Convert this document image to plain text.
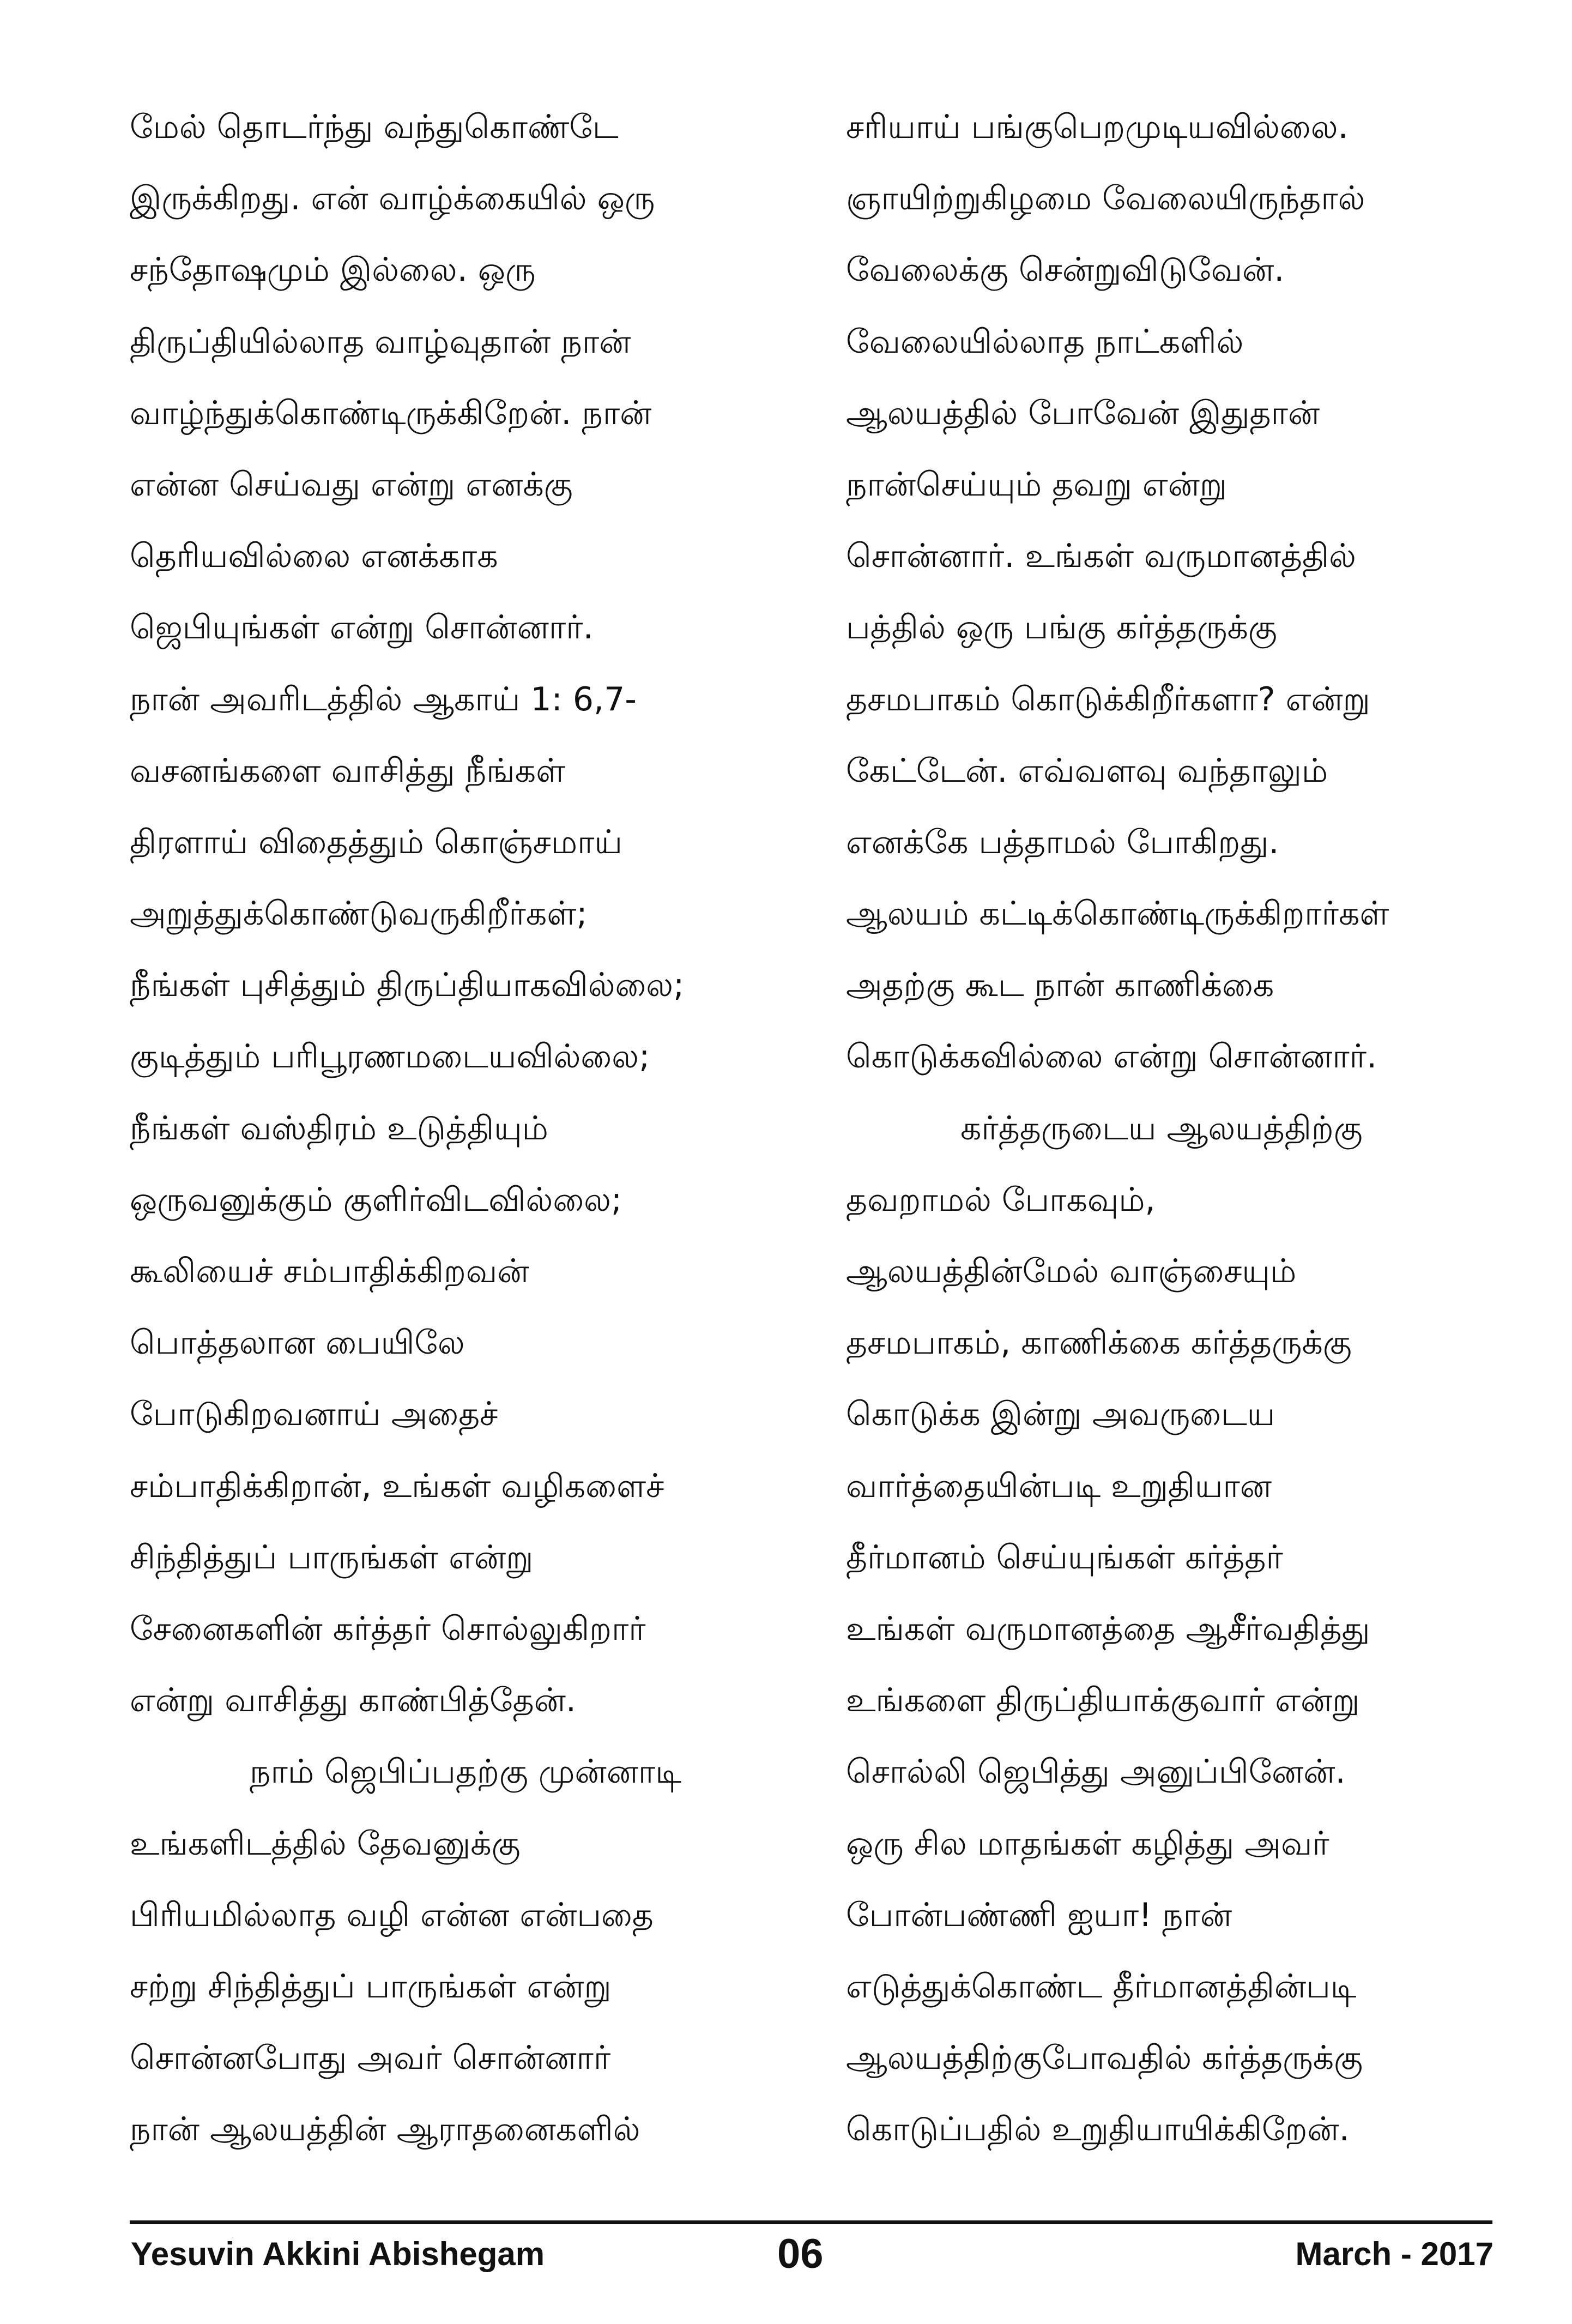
மேல் தொடர்ந்து வந்துகொண்டே
இருக்கிறது. என் வாழ்க்கையில் ஒரு
சந்தோஷமும் இல்லை. ஒரு
திருப்தியில்லாத வாழ்வுதான் நான்
வாழ்ந்துக்கொண்டிருக்கிறேன். நான்
என்ன செய்வது என்று எனக்கு
தெரியவில்லை எனக்காக
ஜெபியுங்கள் என்று சொன்னார்.
நான் அவரிடத்தில் ஆகாய் 1: 6,7-
வசனங்களை வாசித்து நீங்கள்
திரளாய் விதைத்தும் கொஞ்சமாய்
அறுத்துக்கொண்டுவருகிறீர்கள்;
நீங்கள் புசித்தும் திருப்தியாகவில்லை;
குடித்தும் பரிபூரணமடையவில்லை;
நீங்கள் வஸ்திரம் உடுத்தியும்
ஒருவனுக்கும் குளிர்விடவில்லை;
கூலியைச் சம்பாதிக்கிறவன்
பொத்தலான பையிலே
போடுகிறவனாய் அதைச்
சம்பாதிக்கிறான், உங்கள் வழிகளைச்
சிந்தித்துப் பாருங்கள் என்று
சேனைகளின் கர்த்தர் சொல்லுகிறார்
என்று வாசித்து காண்பித்தேன்.
நாம் ஜெபிப்பதற்கு முன்னாடி
உங்களிடத்தில் தேவனுக்கு
பிரியமில்லாத வழி என்ன என்பதை
சற்று சிந்தித்துப் பாருங்கள் என்று
சொன்னபோது அவர் சொன்னார்
நான் ஆலயத்தின் ஆராதனைகளில்
சரியாய் பங்குபெறமுடியவில்லை.
ஞாயிற்றுகிழமை வேலையிருந்தால்
வேலைக்கு சென்றுவிடுவேன்.
வேலையில்லாத நாட்களில்
ஆலயத்தில் போவேன் இதுதான்
நான்செய்யும் தவறு என்று
சொன்னார். உங்கள் வருமானத்தில்
பத்தில் ஒரு பங்கு கர்த்தருக்கு
தசமபாகம் கொடுக்கிறீர்களா? என்று
கேட்டேன். எவ்வளவு வந்தாலும்
எனக்கே பத்தாமல் போகிறது.
ஆலயம் கட்டிக்கொண்டிருக்கிறார்கள்
அதற்கு கூட நான் காணிக்கை
கொடுக்கவில்லை என்று சொன்னார்.
கர்த்தருடைய ஆலயத்திற்கு
தவறாமல் போகவும்,
ஆலயத்தின்மேல் வாஞ்சையும்
தசமபாகம், காணிக்கை கர்த்தருக்கு
கொடுக்க இன்று அவருடைய
வார்த்தையின்படி உறுதியான
தீர்மானம் செய்யுங்கள் கர்த்தர்
உங்கள் வருமானத்தை ஆசீர்வதித்து
உங்களை திருப்தியாக்குவார் என்று
சொல்லி ஜெபித்து அனுப்பினேன்.
ஒரு சில மாதங்கள் கழித்து அவர்
போன்பண்ணி ஐயா! நான்
எடுத்துக்கொண்ட தீர்மானத்தின்படி
ஆலயத்திற்குபோவதில் கர்த்தருக்கு
கொடுப்பதில் உறுதியாயிக்கிறேன்.
Yesuvin Akkini Abishegam	06	March - 2017
